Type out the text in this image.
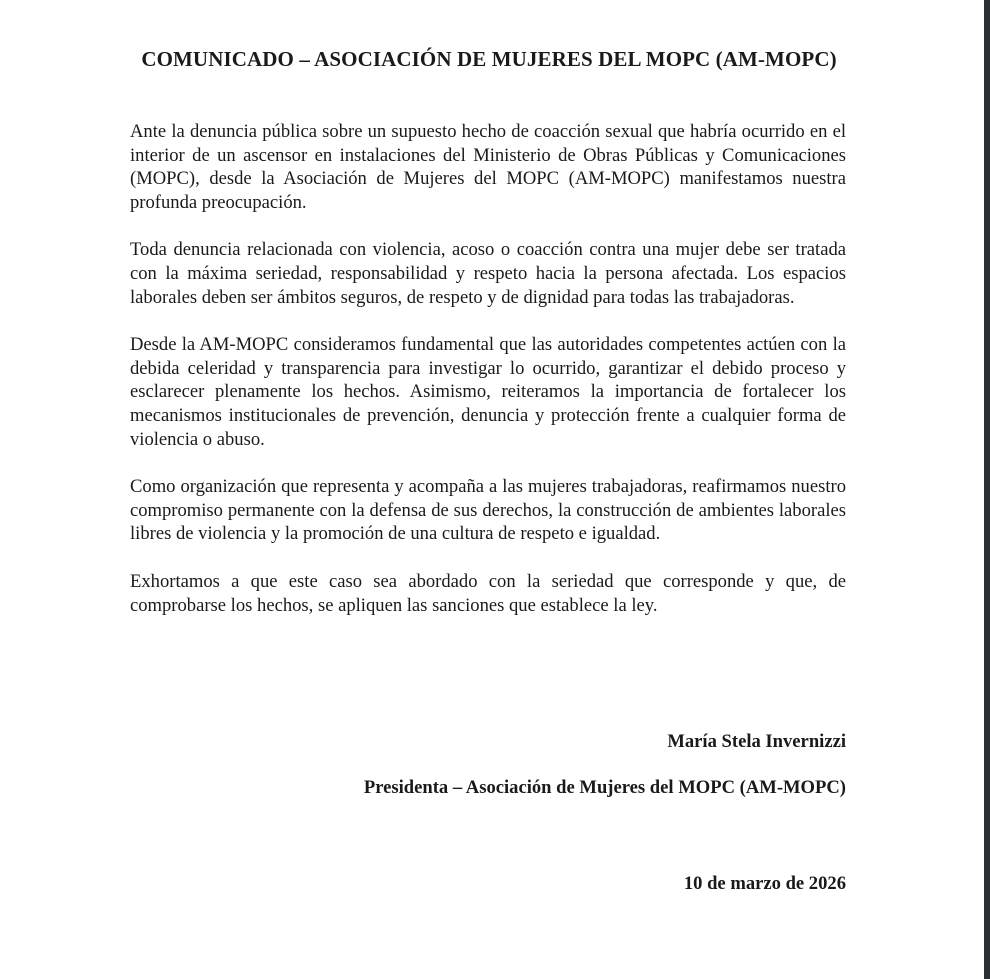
COMUNICADO – ASOCIACIÓN DE MUJERES DEL MOPC (AM-MOPC)

Ante la denuncia pública sobre un supuesto hecho de coacción sexual que habría ocurrido en el interior de un ascensor en instalaciones del Ministerio de Obras Públicas y Comunicaciones (MOPC), desde la Asociación de Mujeres del MOPC (AM-MOPC) manifestamos nuestra profunda preocupación.

Toda denuncia relacionada con violencia, acoso o coacción contra una mujer debe ser tratada con la máxima seriedad, responsabilidad y respeto hacia la persona afectada. Los espacios laborales deben ser ámbitos seguros, de respeto y de dignidad para todas las trabajadoras.

Desde la AM-MOPC consideramos fundamental que las autoridades competentes actúen con la debida celeridad y transparencia para investigar lo ocurrido, garantizar el debido proceso y esclarecer plenamente los hechos. Asimismo, reiteramos la importancia de fortalecer los mecanismos institucionales de prevención, denuncia y protección frente a cualquier forma de violencia o abuso.

Como organización que representa y acompaña a las mujeres trabajadoras, reafirmamos nuestro compromiso permanente con la defensa de sus derechos, la construcción de ambientes laborales libres de violencia y la promoción de una cultura de respeto e igualdad.

Exhortamos a que este caso sea abordado con la seriedad que corresponde y que, de comprobarse los hechos, se apliquen las sanciones que establece la ley.

María Stela Invernizzi

Presidenta – Asociación de Mujeres del MOPC (AM-MOPC)

10 de marzo de 2026
